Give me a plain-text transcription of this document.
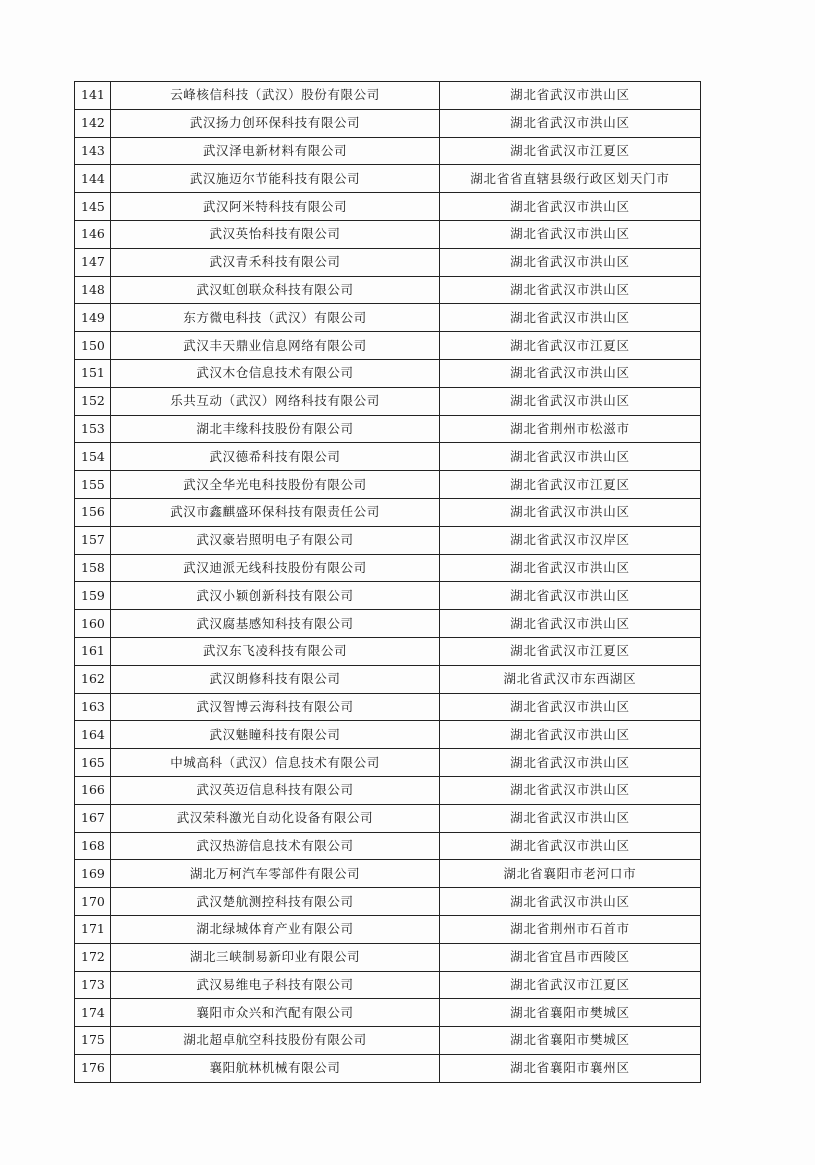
141	云峰核信科技（武汉）股份有限公司	湖北省武汉市洪山区
142	武汉扬力创环保科技有限公司	湖北省武汉市洪山区
143	武汉泽电新材料有限公司	湖北省武汉市江夏区
144	武汉施迈尔节能科技有限公司	湖北省省直辖县级行政区划天门市
145	武汉阿米特科技有限公司	湖北省武汉市洪山区
146	武汉英怡科技有限公司	湖北省武汉市洪山区
147	武汉青禾科技有限公司	湖北省武汉市洪山区
148	武汉虹创联众科技有限公司	湖北省武汉市洪山区
149	东方微电科技（武汉）有限公司	湖北省武汉市洪山区
150	武汉丰天鼎业信息网络有限公司	湖北省武汉市江夏区
151	武汉木仓信息技术有限公司	湖北省武汉市洪山区
152	乐共互动（武汉）网络科技有限公司	湖北省武汉市洪山区
153	湖北丰缘科技股份有限公司	湖北省荆州市松滋市
154	武汉德希科技有限公司	湖北省武汉市洪山区
155	武汉全华光电科技股份有限公司	湖北省武汉市江夏区
156	武汉市鑫麒盛环保科技有限责任公司	湖北省武汉市洪山区
157	武汉豪岩照明电子有限公司	湖北省武汉市汉岸区
158	武汉迪派无线科技股份有限公司	湖北省武汉市洪山区
159	武汉小颖创新科技有限公司	湖北省武汉市洪山区
160	武汉腐基感知科技有限公司	湖北省武汉市洪山区
161	武汉东飞凌科技有限公司	湖北省武汉市江夏区
162	武汉朗修科技有限公司	湖北省武汉市东西湖区
163	武汉智博云海科技有限公司	湖北省武汉市洪山区
164	武汉魅瞳科技有限公司	湖北省武汉市洪山区
165	中城高科（武汉）信息技术有限公司	湖北省武汉市洪山区
166	武汉英迈信息科技有限公司	湖北省武汉市洪山区
167	武汉荣科激光自动化设备有限公司	湖北省武汉市洪山区
168	武汉热游信息技术有限公司	湖北省武汉市洪山区
169	湖北万柯汽车零部件有限公司	湖北省襄阳市老河口市
170	武汉楚航测控科技有限公司	湖北省武汉市洪山区
171	湖北绿城体育产业有限公司	湖北省荆州市石首市
172	湖北三峡制易新印业有限公司	湖北省宜昌市西陵区
173	武汉易维电子科技有限公司	湖北省武汉市江夏区
174	襄阳市众兴和汽配有限公司	湖北省襄阳市樊城区
175	湖北超卓航空科技股份有限公司	湖北省襄阳市樊城区
176	襄阳航林机械有限公司	湖北省襄阳市襄州区
